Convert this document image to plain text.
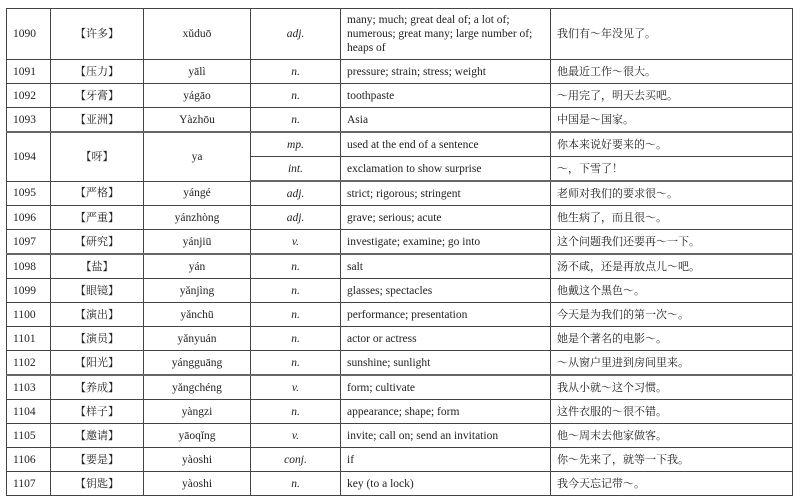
1090	【许多】	xǔduō	adj.	many; much; great deal of; a lot of; numerous; great many; large number of; heaps of	我们有～年没见了。
1091	【压力】	yālì	n.	pressure; strain; stress; weight	他最近工作～很大。
1092	【牙膏】	yágāo	n.	toothpaste	～用完了，明天去买吧。
1093	【亚洲】	Yàzhōu	n.	Asia	中国是～国家。
1094	【呀】	ya	mp.	used at the end of a sentence	你本来说好要来的～。
			int.	exclamation to show surprise	～，下雪了！
1095	【严格】	yángé	adj.	strict; rigorous; stringent	老师对我们的要求很～。
1096	【严重】	yánzhòng	adj.	grave; serious; acute	他生病了，而且很～。
1097	【研究】	yánjiū	v.	investigate; examine; go into	这个问题我们还要再～一下。
1098	【盐】	yán	n.	salt	汤不咸，还是再放点儿～吧。
1099	【眼镜】	yǎnjìng	n.	glasses; spectacles	他戴这个黑色～。
1100	【演出】	yǎnchū	n.	performance; presentation	今天是为我们的第一次～。
1101	【演员】	yǎnyuán	n.	actor or actress	她是个著名的电影～。
1102	【阳光】	yángguāng	n.	sunshine; sunlight	～从窗户里进到房间里来。
1103	【养成】	yǎngchéng	v.	form; cultivate	我从小就～这个习惯。
1104	【样子】	yàngzi	n.	appearance; shape; form	这件衣服的～很不错。
1105	【邀请】	yāoqǐng	v.	invite; call on; send an invitation	他～周末去他家做客。
1106	【要是】	yàoshi	conj.	if	你～先来了，就等一下我。
1107	【钥匙】	yàoshi	n.	key (to a lock)	我今天忘记带～。
